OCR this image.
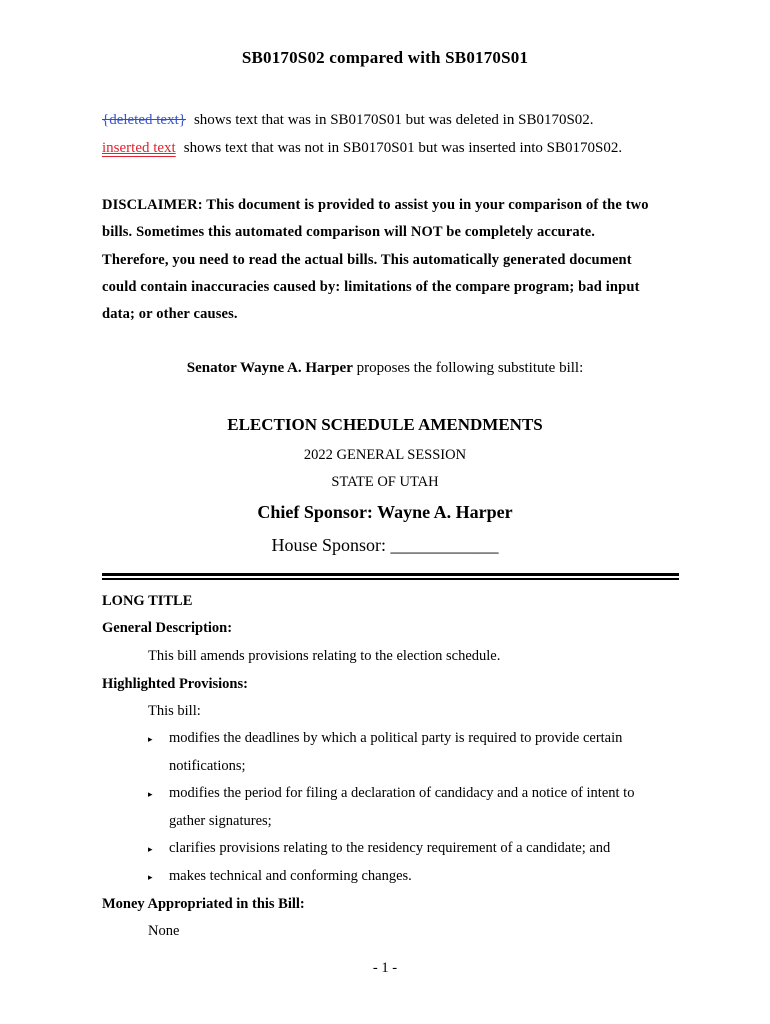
SB0170S02 compared with SB0170S01
{deleted text} shows text that was in SB0170S01 but was deleted in SB0170S02.
inserted text shows text that was not in SB0170S01 but was inserted into SB0170S02.
DISCLAIMER: This document is provided to assist you in your comparison of the two
bills. Sometimes this automated comparison will NOT be completely accurate.
Therefore, you need to read the actual bills. This automatically generated document
could contain inaccuracies caused by: limitations of the compare program; bad input
data; or other causes.
Senator Wayne A. Harper proposes the following substitute bill:
ELECTION SCHEDULE AMENDMENTS
2022 GENERAL SESSION
STATE OF UTAH
Chief Sponsor: Wayne A. Harper
House Sponsor: ____________
LONG TITLE
General Description:
This bill amends provisions relating to the election schedule.
Highlighted Provisions:
This bill:
▸ modifies the deadlines by which a political party is required to provide certain
notifications;
▸ modifies the period for filing a declaration of candidacy and a notice of intent to
gather signatures;
▸ clarifies provisions relating to the residency requirement of a candidate; and
▸ makes technical and conforming changes.
Money Appropriated in this Bill:
None
- 1 -
